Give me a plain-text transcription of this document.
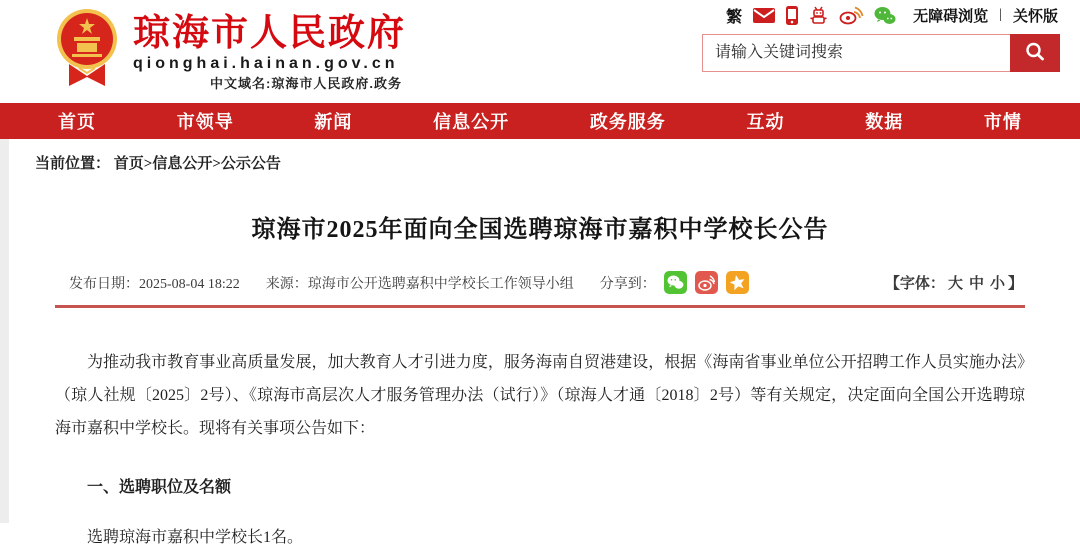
琼海市人民政府
qionghai.hainan.gov.cn
中文域名:琼海市人民政府.政务
繁	无障碍浏览 | 关怀版
请输入关键词搜索
首页	市领导	新闻	信息公开	政务服务	互动	数据	市情
当前位置： 首页>信息公开>公示公告
琼海市2025年面向全国选聘琼海市嘉积中学校长公告
发布日期：2025-08-04 18:22 来源：琼海市公开选聘嘉积中学校长工作领导小组 分享到：	【字体： 大 中 小 】

为推动我市教育事业高质量发展，加大教育人才引进力度，服务海南自贸港建设，根据《海南省事业单位公开招聘工作人员实施办法》（琼人社规〔2025〕2号）、《琼海市高层次人才服务管理办法（试行）》（琼海人才通〔2018〕2号）等有关规定，决定面向全国公开选聘琼海市嘉积中学校长。现将有关事项公告如下：

一、选聘职位及名额

选聘琼海市嘉积中学校长1名。
